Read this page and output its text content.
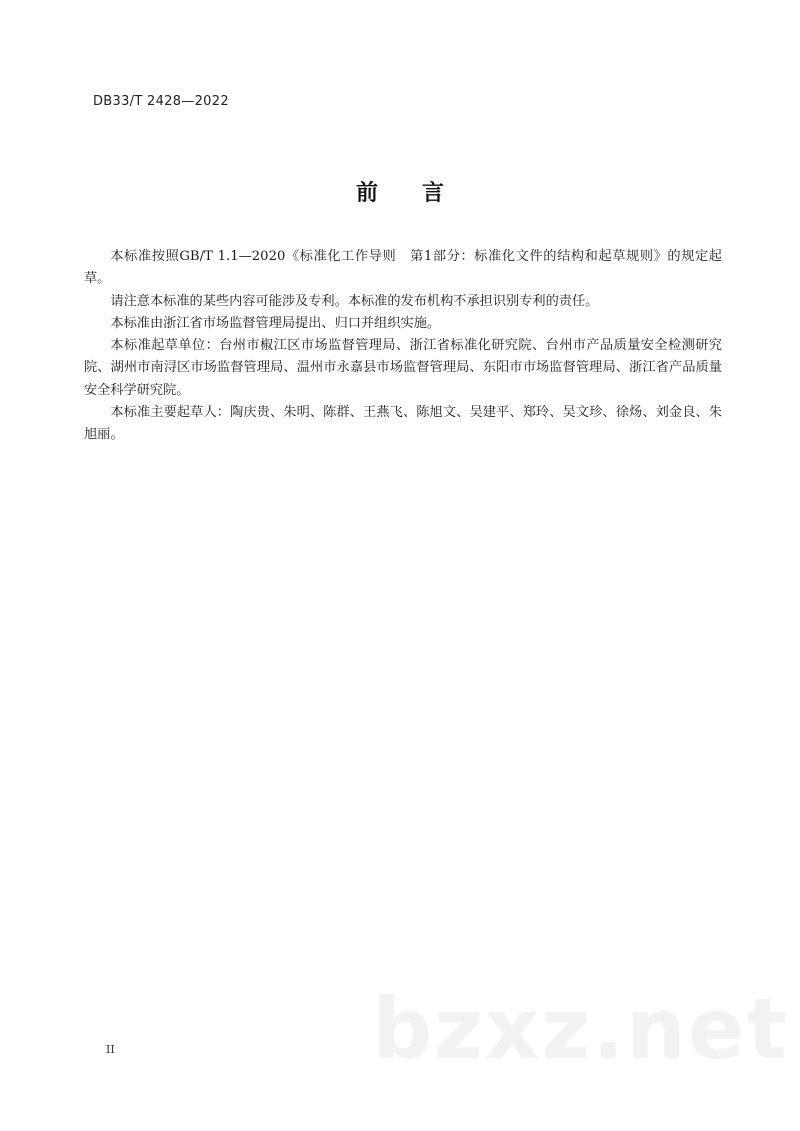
DB33/T 2428—2022
前 言

本标准按照GB/T 1.1—2020《标准化工作导则　第1部分：标准化文件的结构和起草规则》的规定起草。

请注意本标准的某些内容可能涉及专利。本标准的发布机构不承担识别专利的责任。

本标准由浙江省市场监督管理局提出、归口并组织实施。

本标准起草单位：台州市椒江区市场监督管理局、浙江省标准化研究院、台州市产品质量安全检测研究院、湖州市南浔区市场监督管理局、温州市永嘉县市场监督管理局、东阳市市场监督管理局、浙江省产品质量安全科学研究院。

本标准主要起草人：陶庆贵、朱明、陈群、王燕飞、陈旭文、吴建平、郑玲、吴文珍、徐炀、刘金良、朱旭丽。

bzxz.net
II
